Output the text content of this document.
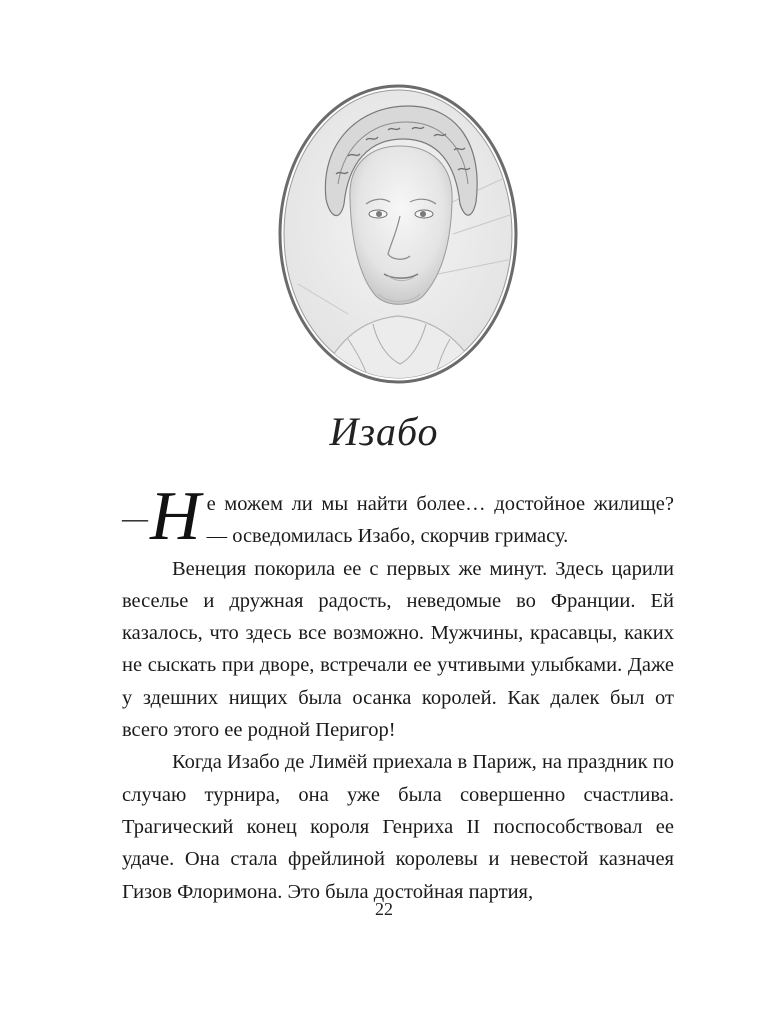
Изабо

— Н е можем ли мы найти более… достойное жилище? — осведомилась Изабо, скорчив гримасу.

Венеция покорила ее с первых же минут. Здесь царили веселье и дружная радость, неведомые во Франции. Ей казалось, что здесь все возможно. Мужчины, красавцы, каких не сыскать при дворе, встречали ее учтивыми улыбками. Даже у здешних нищих была осанка королей. Как далек был от всего этого ее родной Перигор!

Когда Изабо де Лимёй приехала в Париж, на праздник по случаю турнира, она уже была совершенно счастлива. Трагический конец короля Генриха II поспособствовал ее удаче. Она стала фрейлиной королевы и невестой казначея Гизов Флоримона. Это была достойная партия,

22
